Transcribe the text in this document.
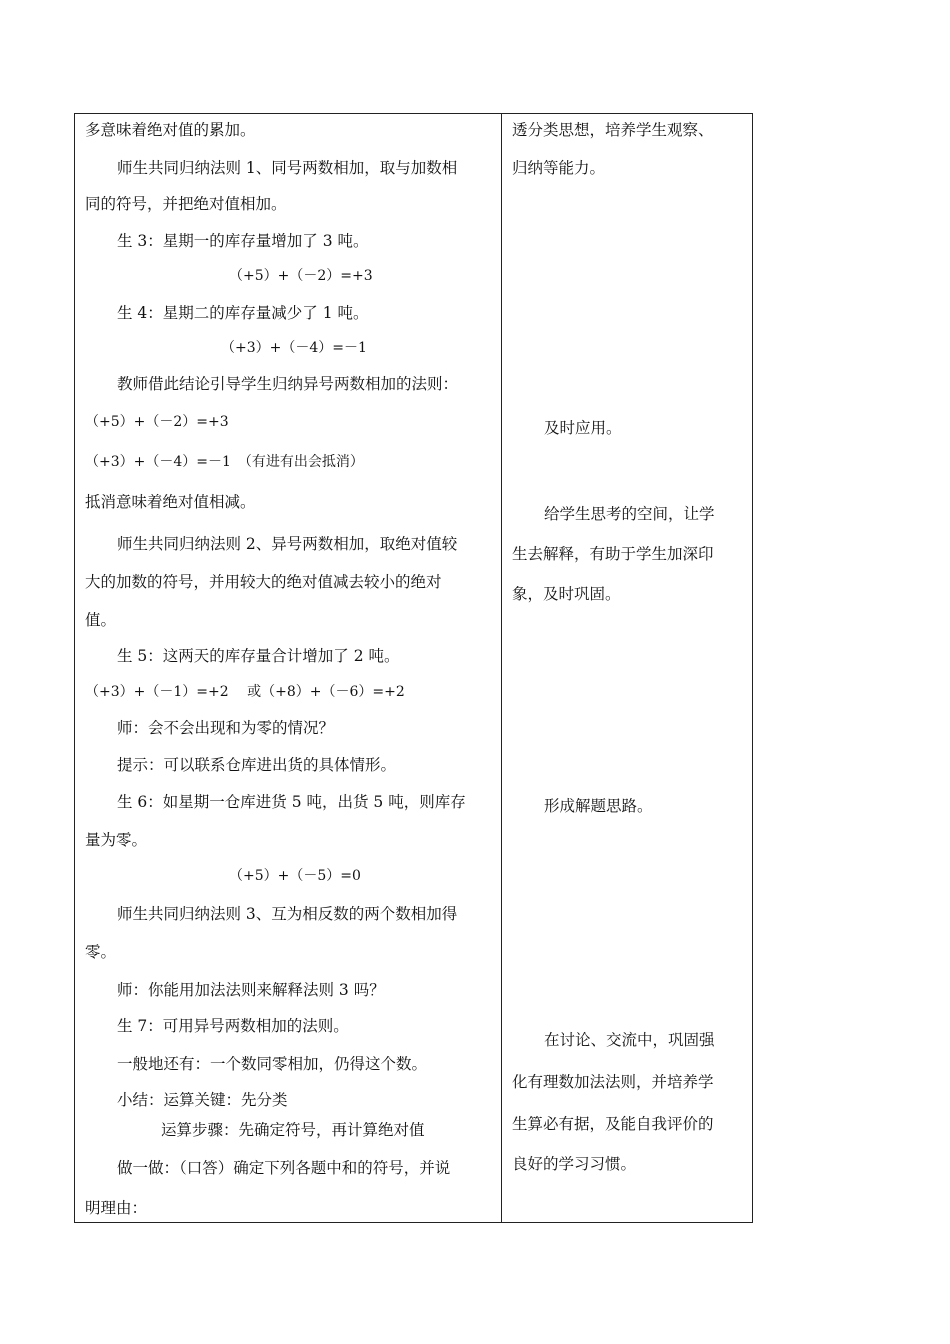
多意味着绝对值的累加。
师生共同归纳法则 1、同号两数相加，取与加数相
同的符号，并把绝对值相加。
生 3：星期一的库存量增加了 3 吨。
（+5）+（－2）=+3
生 4：星期二的库存量减少了 1 吨。
（+3）+（－4）=－1
教师借此结论引导学生归纳异号两数相加的法则：
（+5）+（－2）=+3
（+3）+（－4）=－1　（有进有出会抵消）
抵消意味着绝对值相减。
师生共同归纳法则 2、异号两数相加，取绝对值较
大的加数的符号，并用较大的绝对值减去较小的绝对
值。
生 5：这两天的库存量合计增加了 2 吨。
（+3）+（－1）=+2　 或（+8）+（－6）=+2
师：会不会出现和为零的情况？
提示：可以联系仓库进出货的具体情形。
生 6：如星期一仓库进货 5 吨，出货 5 吨，则库存
量为零。
（+5）+（－5）=0
师生共同归纳法则 3、互为相反数的两个数相加得
零。
师：你能用加法法则来解释法则 3 吗？
生 7：可用异号两数相加的法则。
一般地还有：一个数同零相加，仍得这个数。
小结：运算关键：先分类
运算步骤：先确定符号，再计算绝对值
做一做：（口答）确定下列各题中和的符号，并说
明理由：
透分类思想，培养学生观察、
归纳等能力。
及时应用。
给学生思考的空间，让学
生去解释，有助于学生加深印
象，及时巩固。
形成解题思路。
在讨论、交流中，巩固强
化有理数加法法则，并培养学
生算必有据，及能自我评价的
良好的学习习惯。
